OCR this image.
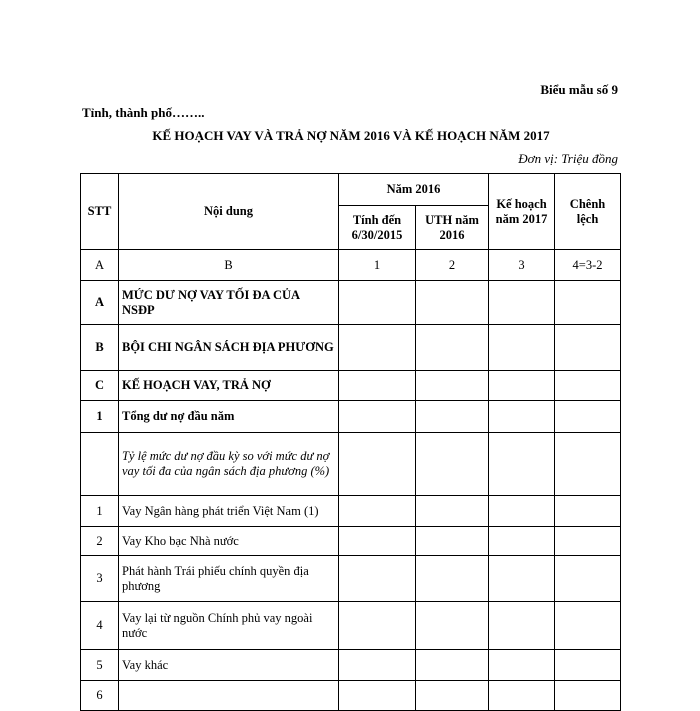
Biểu mẫu số 9
Tỉnh, thành phố……..
KẾ HOẠCH VAY VÀ TRẢ NỢ NĂM 2016 VÀ KẾ HOẠCH NĂM 2017
Đơn vị: Triệu đồng
STT	Nội dung	Năm 2016		Kế hoạch năm 2017	Chênh lệch
		Tính đến 6/30/2015	UTH năm 2016		
A	B	1	2	3	4=3-2
A	MỨC DƯ NỢ VAY TỐI ĐA CỦA NSĐP				
B	BỘI CHI NGÂN SÁCH ĐỊA PHƯƠNG				
C	KẾ HOẠCH VAY, TRẢ NỢ				
1	Tổng dư nợ đầu năm				
	Tỷ lệ mức dư nợ đầu kỳ so với mức dư nợ vay tối đa của ngân sách địa phương (%)				
1	Vay Ngân hàng phát triển Việt Nam (1)				
2	Vay Kho bạc Nhà nước				
3	Phát hành Trái phiếu chính quyền địa phương				
4	Vay lại từ nguồn Chính phủ vay ngoài nước				
5	Vay khác				
6					
